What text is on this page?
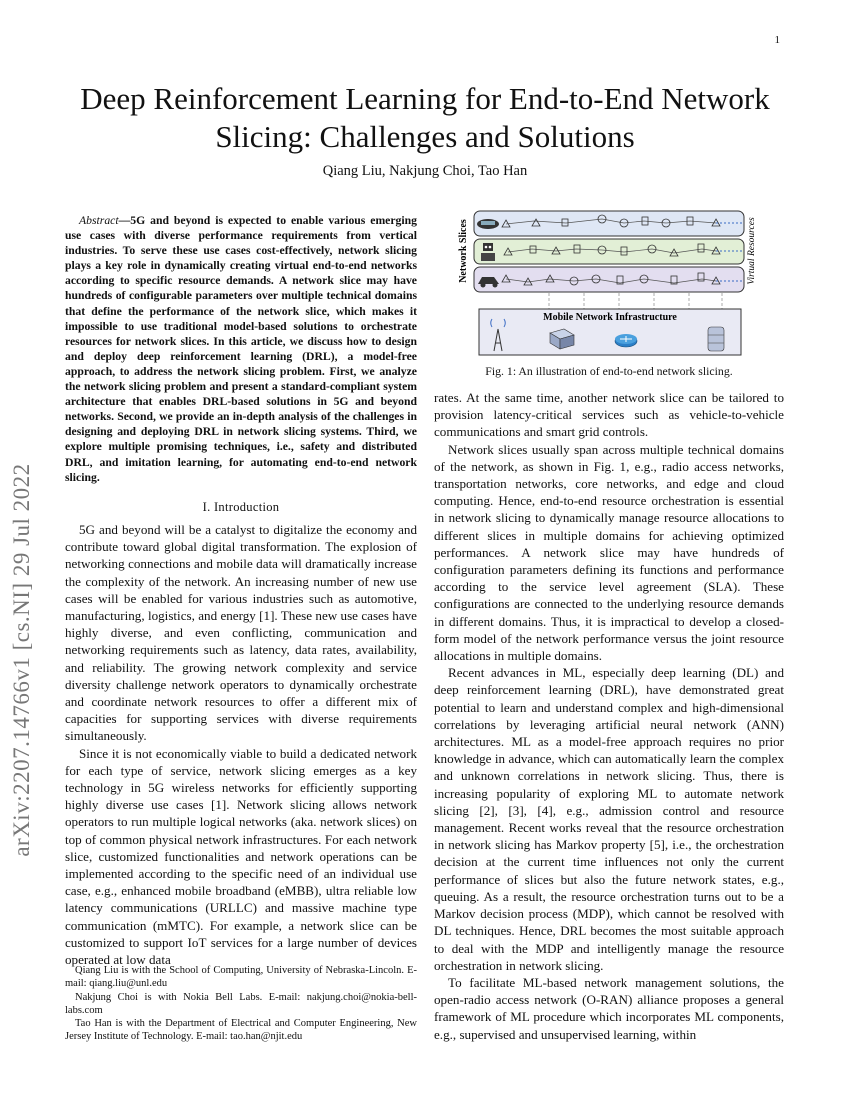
1
Deep Reinforcement Learning for End-to-End Network Slicing: Challenges and Solutions
Qiang Liu, Nakjung Choi, Tao Han
arXiv:2207.14766v1 [cs.NI] 29 Jul 2022
Abstract—5G and beyond is expected to enable various emerging use cases with diverse performance requirements from vertical industries. To serve these use cases cost-effectively, network slicing plays a key role in dynamically creating virtual end-to-end networks according to specific resource demands. A network slice may have hundreds of configurable parameters over multiple technical domains that define the performance of the network slice, which makes it impossible to use traditional model-based solutions to orchestrate resources for network slices. In this article, we discuss how to design and deploy deep reinforcement learning (DRL), a model-free approach, to address the network slicing problem. First, we analyze the network slicing problem and present a standard-compliant system architecture that enables DRL-based solutions in 5G and beyond networks. Second, we provide an in-depth analysis of the challenges in designing and deploying DRL in network slicing systems. Third, we explore multiple promising techniques, i.e., safety and distributed DRL, and imitation learning, for automating end-to-end network slicing.
I. Introduction

5G and beyond will be a catalyst to digitalize the economy and contribute toward global digital transformation. The explosion of networking connections and mobile data will dramatically increase the complexity of the network. An increasing number of new use cases will be enabled for various industries such as automotive, manufacturing, logistics, and energy [1]. These new use cases have highly diverse, and even conflicting, communication and networking requirements such as latency, data rates, availability, and reliability. The growing network complexity and service diversity challenge network operators to dynamically orchestrate and coordinate network resources to offer a different mix of capacities for supporting services with diverse requirements simultaneously.

Since it is not economically viable to build a dedicated network for each type of service, network slicing emerges as a key technology in 5G wireless networks for efficiently supporting highly diverse use cases [1]. Network slicing allows network operators to run multiple logical networks (aka. network slices) on top of common physical network infrastructures. For each network slice, customized functionalities and network operations can be implemented according to the specific need of an individual use case, e.g., enhanced mobile broadband (eMBB), ultra reliable low latency communications (URLLC) and massive machine type communication (mMTC). For example, a network slice can be customized to support IoT services for a large number of devices operated at low data

Qiang Liu is with the School of Computing, University of Nebraska-Lincoln. E-mail: qiang.liu@unl.edu

Nakjung Choi is with Nokia Bell Labs. E-mail: nakjung.choi@nokia-bell-labs.com

Tao Han is with the Department of Electrical and Computer Engineering, New Jersey Institute of Technology. E-mail: tao.han@njit.edu

Network Slices	Virtual Resources
Mobile Network Infrastructure
Fig. 1: An illustration of end-to-end network slicing.

rates. At the same time, another network slice can be tailored to provision latency-critical services such as vehicle-to-vehicle communications and smart grid controls.

Network slices usually span across multiple technical domains of the network, as shown in Fig. 1, e.g., radio access networks, transportation networks, core networks, and edge and cloud computing. Hence, end-to-end resource orchestration is essential in network slicing to dynamically manage resource allocations to different slices in multiple domains for achieving optimized performances. A network slice may have hundreds of configuration parameters defining its functions and performance according to the service level agreement (SLA). These configurations are connected to the underlying resource demands in different domains. Thus, it is impractical to develop a closed-form model of the network performance versus the joint resource allocations in multiple domains.

Recent advances in ML, especially deep learning (DL) and deep reinforcement learning (DRL), have demonstrated great potential to learn and understand complex and high-dimensional correlations by leveraging artificial neural network (ANN) architectures. ML as a model-free approach requires no prior knowledge in advance, which can automatically learn the complex and unknown correlations in network slicing. Thus, there is increasing popularity of exploring ML to automate network slicing [2], [3], [4], e.g., admission control and resource management. Recent works reveal that the resource orchestration in network slicing has Markov property [5], i.e., the orchestration decision at the current time influences not only the current performance of slices but also the future network states, e.g., queuing. As a result, the resource orchestration turns out to be a Markov decision process (MDP), which cannot be resolved with DL techniques. Hence, DRL becomes the most suitable approach to deal with the MDP and intelligently manage the resource orchestration in network slicing.

To facilitate ML-based network management solutions, the open-radio access network (O-RAN) alliance proposes a general framework of ML procedure which incorporates ML components, e.g., supervised and unsupervised learning, within
